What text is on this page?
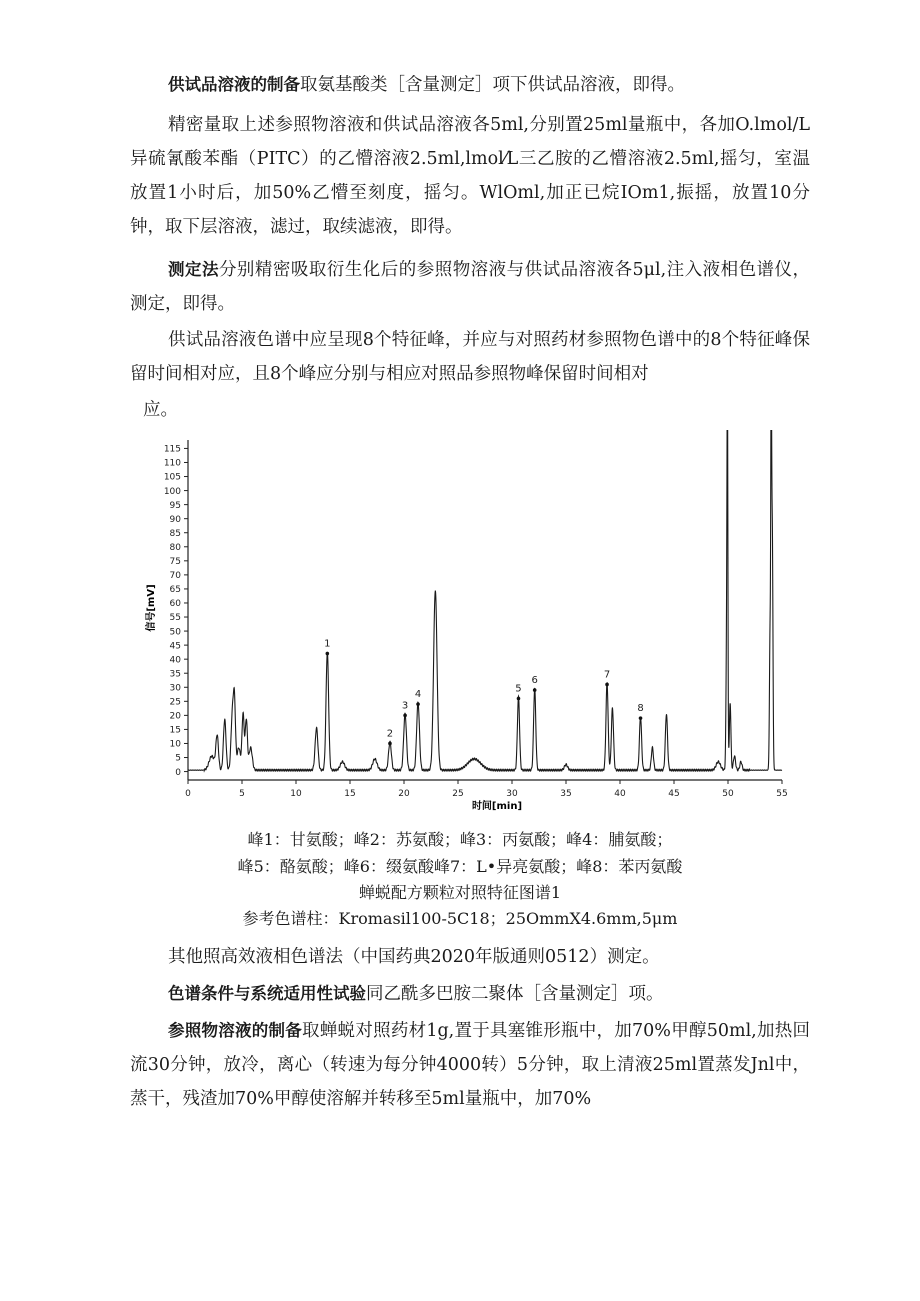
供试品溶液的制备取氨基酸类［含量测定］项下供试品溶液，即得。
精密量取上述参照物溶液和供试品溶液各5ml,分别置25ml量瓶中，各加O.lmol/L异硫氰酸苯酯（PITC）的乙懵溶液2.5ml,lmol⁄L三乙胺的乙懵溶液2.5ml,摇匀，室温放置1小时后，加50%乙懵至刻度，摇匀。WlOml,加正已烷IOm1,振摇，放置10分钟，取下层溶液，滤过，取续滤液，即得。
测定法分别精密吸取衍生化后的参照物溶液与供试品溶液各5μl,注入液相色谱仪，测定，即得。
供试品溶液色谱中应呈现8个特征峰，并应与对照药材参照物色谱中的8个特征峰保留时间相对应，且8个峰应分别与相应对照品参照物峰保留时间相对
应。
0
5
10
15
20
25
30
35
40
45
50
55
60
65
70
75
80
85
90
95
100
105
110
115
0	5	10	15	20	25	30	35	40	45	50	55
1
2
3
4
5
6
7
8
信号[mV]
时间[min]
峰1：甘氨酸；峰2：苏氨酸；峰3：丙氨酸；峰4：脯氨酸；
峰5：酪氨酸；峰6：缀氨酸峰7：L•异亮氨酸；峰8：苯丙氨酸
蝉蜕配方颗粒对照特征图谱1
参考色谱柱：Kromasil100-5C18；25OmmX4.6mm,5μm
其他照高效液相色谱法（中国药典2020年版通则0512）测定。
色谱条件与系统适用性试验同乙酰多巴胺二聚体［含量测定］项。
参照物溶液的制备取蝉蜕对照药材1g,置于具塞锥形瓶中，加70%甲醇50ml,加热回流30分钟，放冷，离心（转速为每分钟4000转）5分钟，取上清液25ml置蒸发Jnl中，蒸干，残渣加70%甲醇使溶解并转移至5ml量瓶中，加70%
